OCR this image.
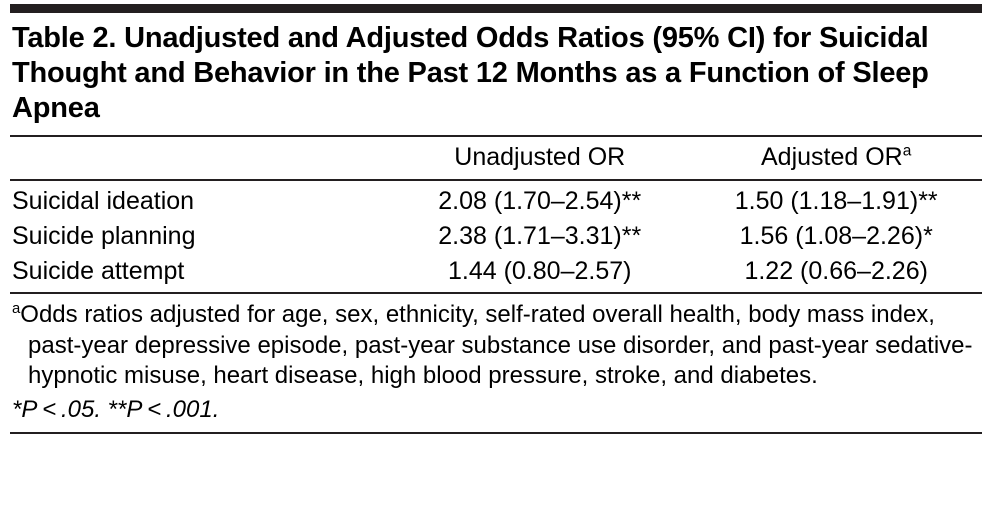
Table 2. Unadjusted and Adjusted Odds Ratios (95% CI) for Suicidal Thought and Behavior in the Past 12 Months as a Function of Sleep Apnea
	Unadjusted OR	Adjusted $OR^a$
Suicidal ideation	2.08 (1.70–2.54)**	1.50 (1.18–1.91)**
Suicide planning	2.38 (1.71–3.31)**	1.56 (1.08–2.26)*
Suicide attempt	1.44 (0.80–2.57)	1.22 (0.66–2.26)
$^a$Odds ratios adjusted for age, sex, ethnicity, self-rated overall health, body mass index, past-year depressive episode, past-year substance use disorder, and past-year sedative-hypnotic misuse, heart disease, high blood pressure, stroke, and diabetes.
*P < .05. **P < .001.
